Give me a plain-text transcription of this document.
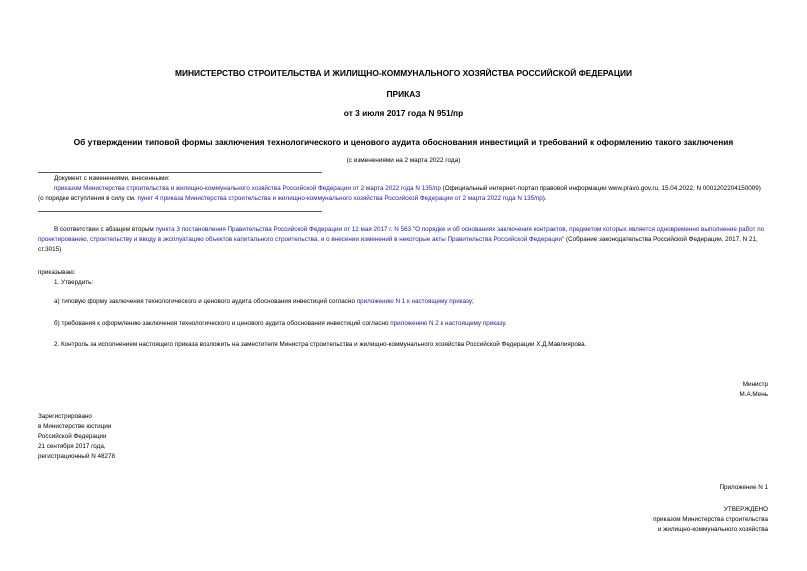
МИНИСТЕРСТВО СТРОИТЕЛЬСТВА И ЖИЛИЩНО-КОММУНАЛЬНОГО ХОЗЯЙСТВА РОССИЙСКОЙ ФЕДЕРАЦИИ
ПРИКАЗ
от 3 июля 2017 года N 951/пр
Об утверждении типовой формы заключения технологического и ценового аудита обоснования инвестиций и требований к оформлению такого заключения
(с изменениями на 2 марта 2022 года)
Документ с изменениями, внесенными:
приказом Министерства строительства и жилищно-коммунального хозяйства Российской Федерации от 2 марта 2022 года N 135/пр (Официальный интернет-портал правовой информации www.pravo.gov.ru, 15.04.2022, N 0001202204150009) (о порядке вступления в силу см. пункт 4 приказа Министерства строительства и жилищно-коммунального хозяйства Российской Федерации от 2 марта 2022 года N 135/пр).
В соответствии с абзацем вторым пункта 3 постановления Правительства Российской Федерации от 12 мая 2017 г. N 563 "О порядке и об основаниях заключения контрактов, предметом которых является одновременно выполнение работ по проектированию, строительству и вводу в эксплуатацию объектов капитального строительства, и о внесении изменений в некоторые акты Правительства Российской Федерации" (Собрание законодательства Российской Федерации, 2017, N 21, ст.3015)
приказываю:
1. Утвердить:
а) типовую форму заключения технологического и ценового аудита обоснования инвестиций согласно приложению N 1 к настоящему приказу;
б) требования к оформлению заключения технологического и ценового аудита обоснования инвестиций согласно приложению N 2 к настоящему приказу.
2. Контроль за исполнением настоящего приказа возложить на заместителя Министра строительства и жилищно-коммунального хозяйства Российской Федерации Х.Д.Мавлиярова.
Министр
М.А.Мень
Зарегистрировано
в Министерстве юстиции
Российской Федерации
21 сентября 2017 года,
регистрационный N 48278
Приложение N 1
УТВЕРЖДЕНО
приказом Министерства строительства
и жилищно-коммунального хозяйства
